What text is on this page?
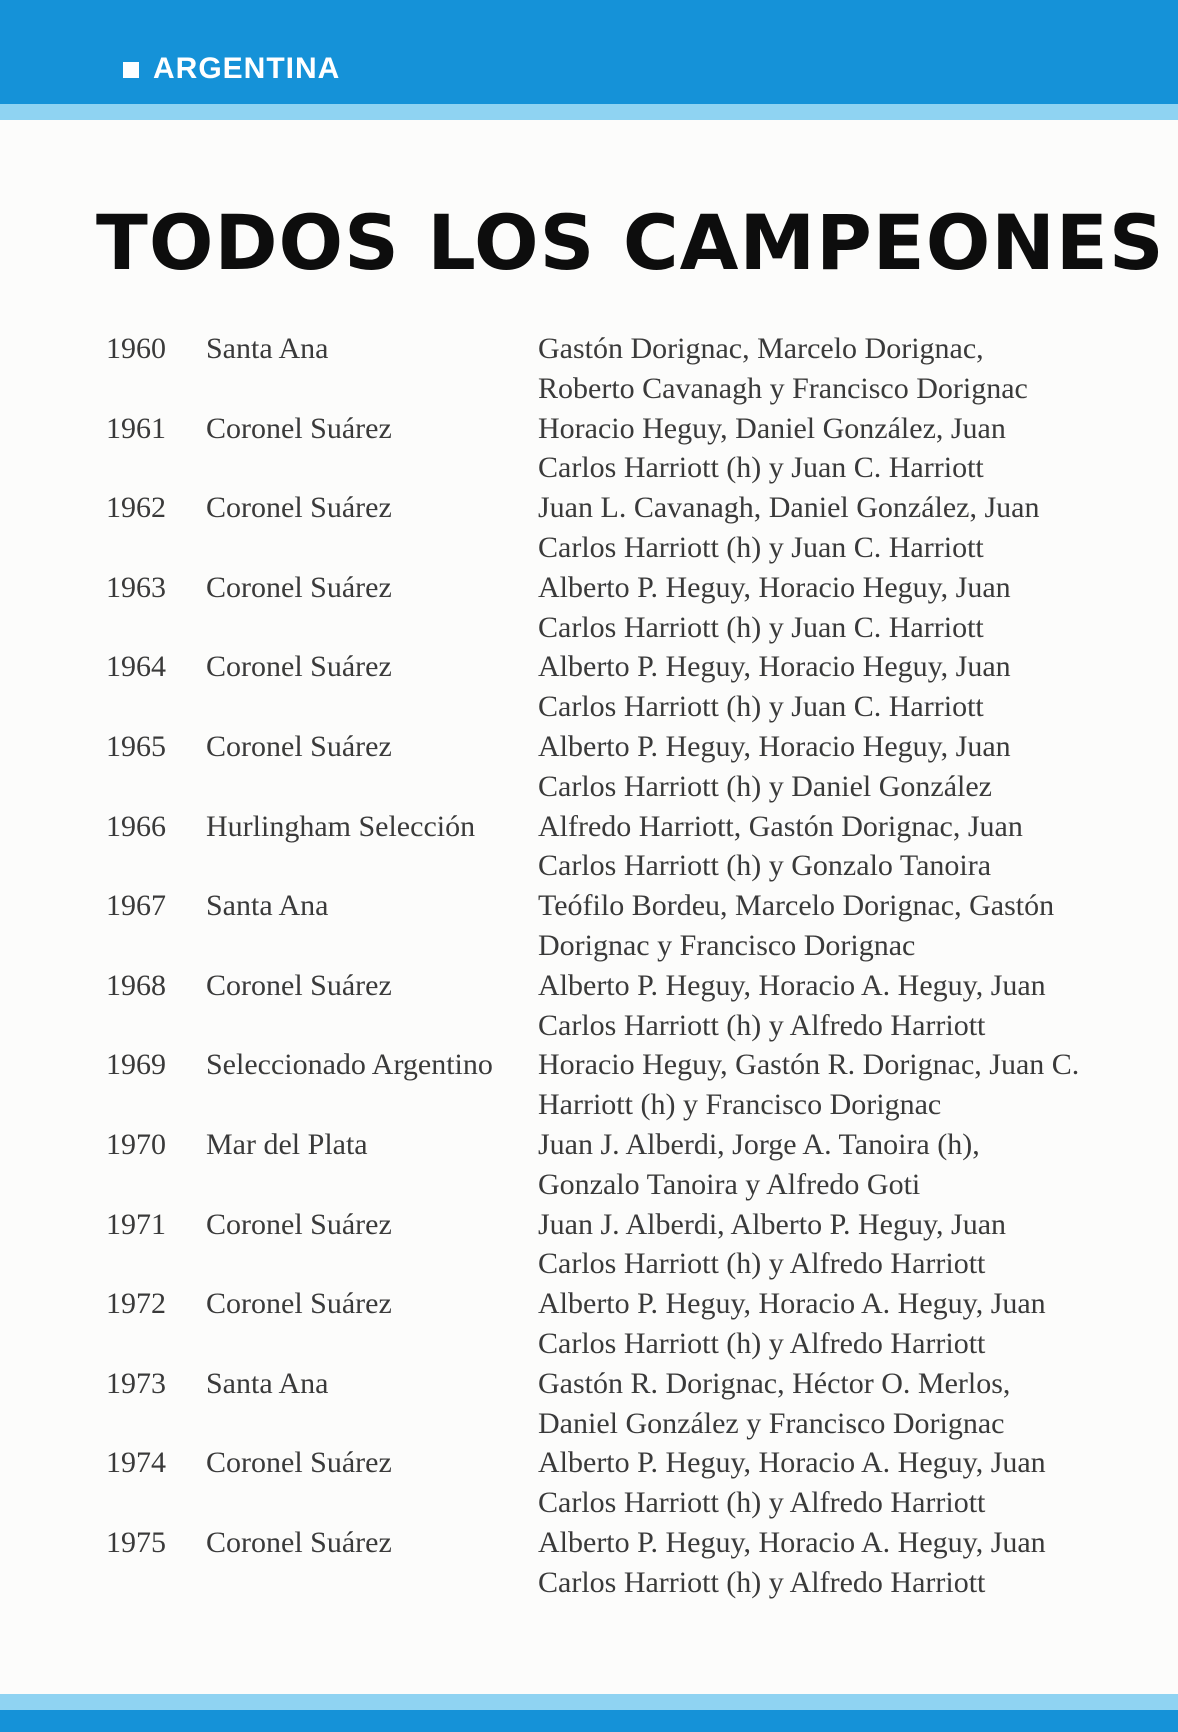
ARGENTINA
TODOS LOS CAMPEONES
1960	Santa Ana	Gastón Dorignac, Marcelo Dorignac,
Roberto Cavanagh y Francisco Dorignac
1961	Coronel Suárez	Horacio Heguy, Daniel González, Juan
Carlos Harriott (h) y Juan C. Harriott
1962	Coronel Suárez	Juan L. Cavanagh, Daniel González, Juan
Carlos Harriott (h) y Juan C. Harriott
1963	Coronel Suárez	Alberto P. Heguy, Horacio Heguy, Juan
Carlos Harriott (h) y Juan C. Harriott
1964	Coronel Suárez	Alberto P. Heguy, Horacio Heguy, Juan
Carlos Harriott (h) y Juan C. Harriott
1965	Coronel Suárez	Alberto P. Heguy, Horacio Heguy, Juan
Carlos Harriott (h) y Daniel González
1966	Hurlingham Selección	Alfredo Harriott, Gastón Dorignac, Juan
Carlos Harriott (h) y Gonzalo Tanoira
1967	Santa Ana	Teófilo Bordeu, Marcelo Dorignac, Gastón
Dorignac y Francisco Dorignac
1968	Coronel Suárez	Alberto P. Heguy, Horacio A. Heguy, Juan
Carlos Harriott (h) y Alfredo Harriott
1969	Seleccionado Argentino	Horacio Heguy, Gastón R. Dorignac, Juan C.
Harriott (h) y Francisco Dorignac
1970	Mar del Plata	Juan J. Alberdi, Jorge A. Tanoira (h),
Gonzalo Tanoira y Alfredo Goti
1971	Coronel Suárez	Juan J. Alberdi, Alberto P. Heguy, Juan
Carlos Harriott (h) y Alfredo Harriott
1972	Coronel Suárez	Alberto P. Heguy, Horacio A. Heguy, Juan
Carlos Harriott (h) y Alfredo Harriott
1973	Santa Ana	Gastón R. Dorignac, Héctor O. Merlos,
Daniel González y Francisco Dorignac
1974	Coronel Suárez	Alberto P. Heguy, Horacio A. Heguy, Juan
Carlos Harriott (h) y Alfredo Harriott
1975	Coronel Suárez	Alberto P. Heguy, Horacio A. Heguy, Juan
Carlos Harriott (h) y Alfredo Harriott
